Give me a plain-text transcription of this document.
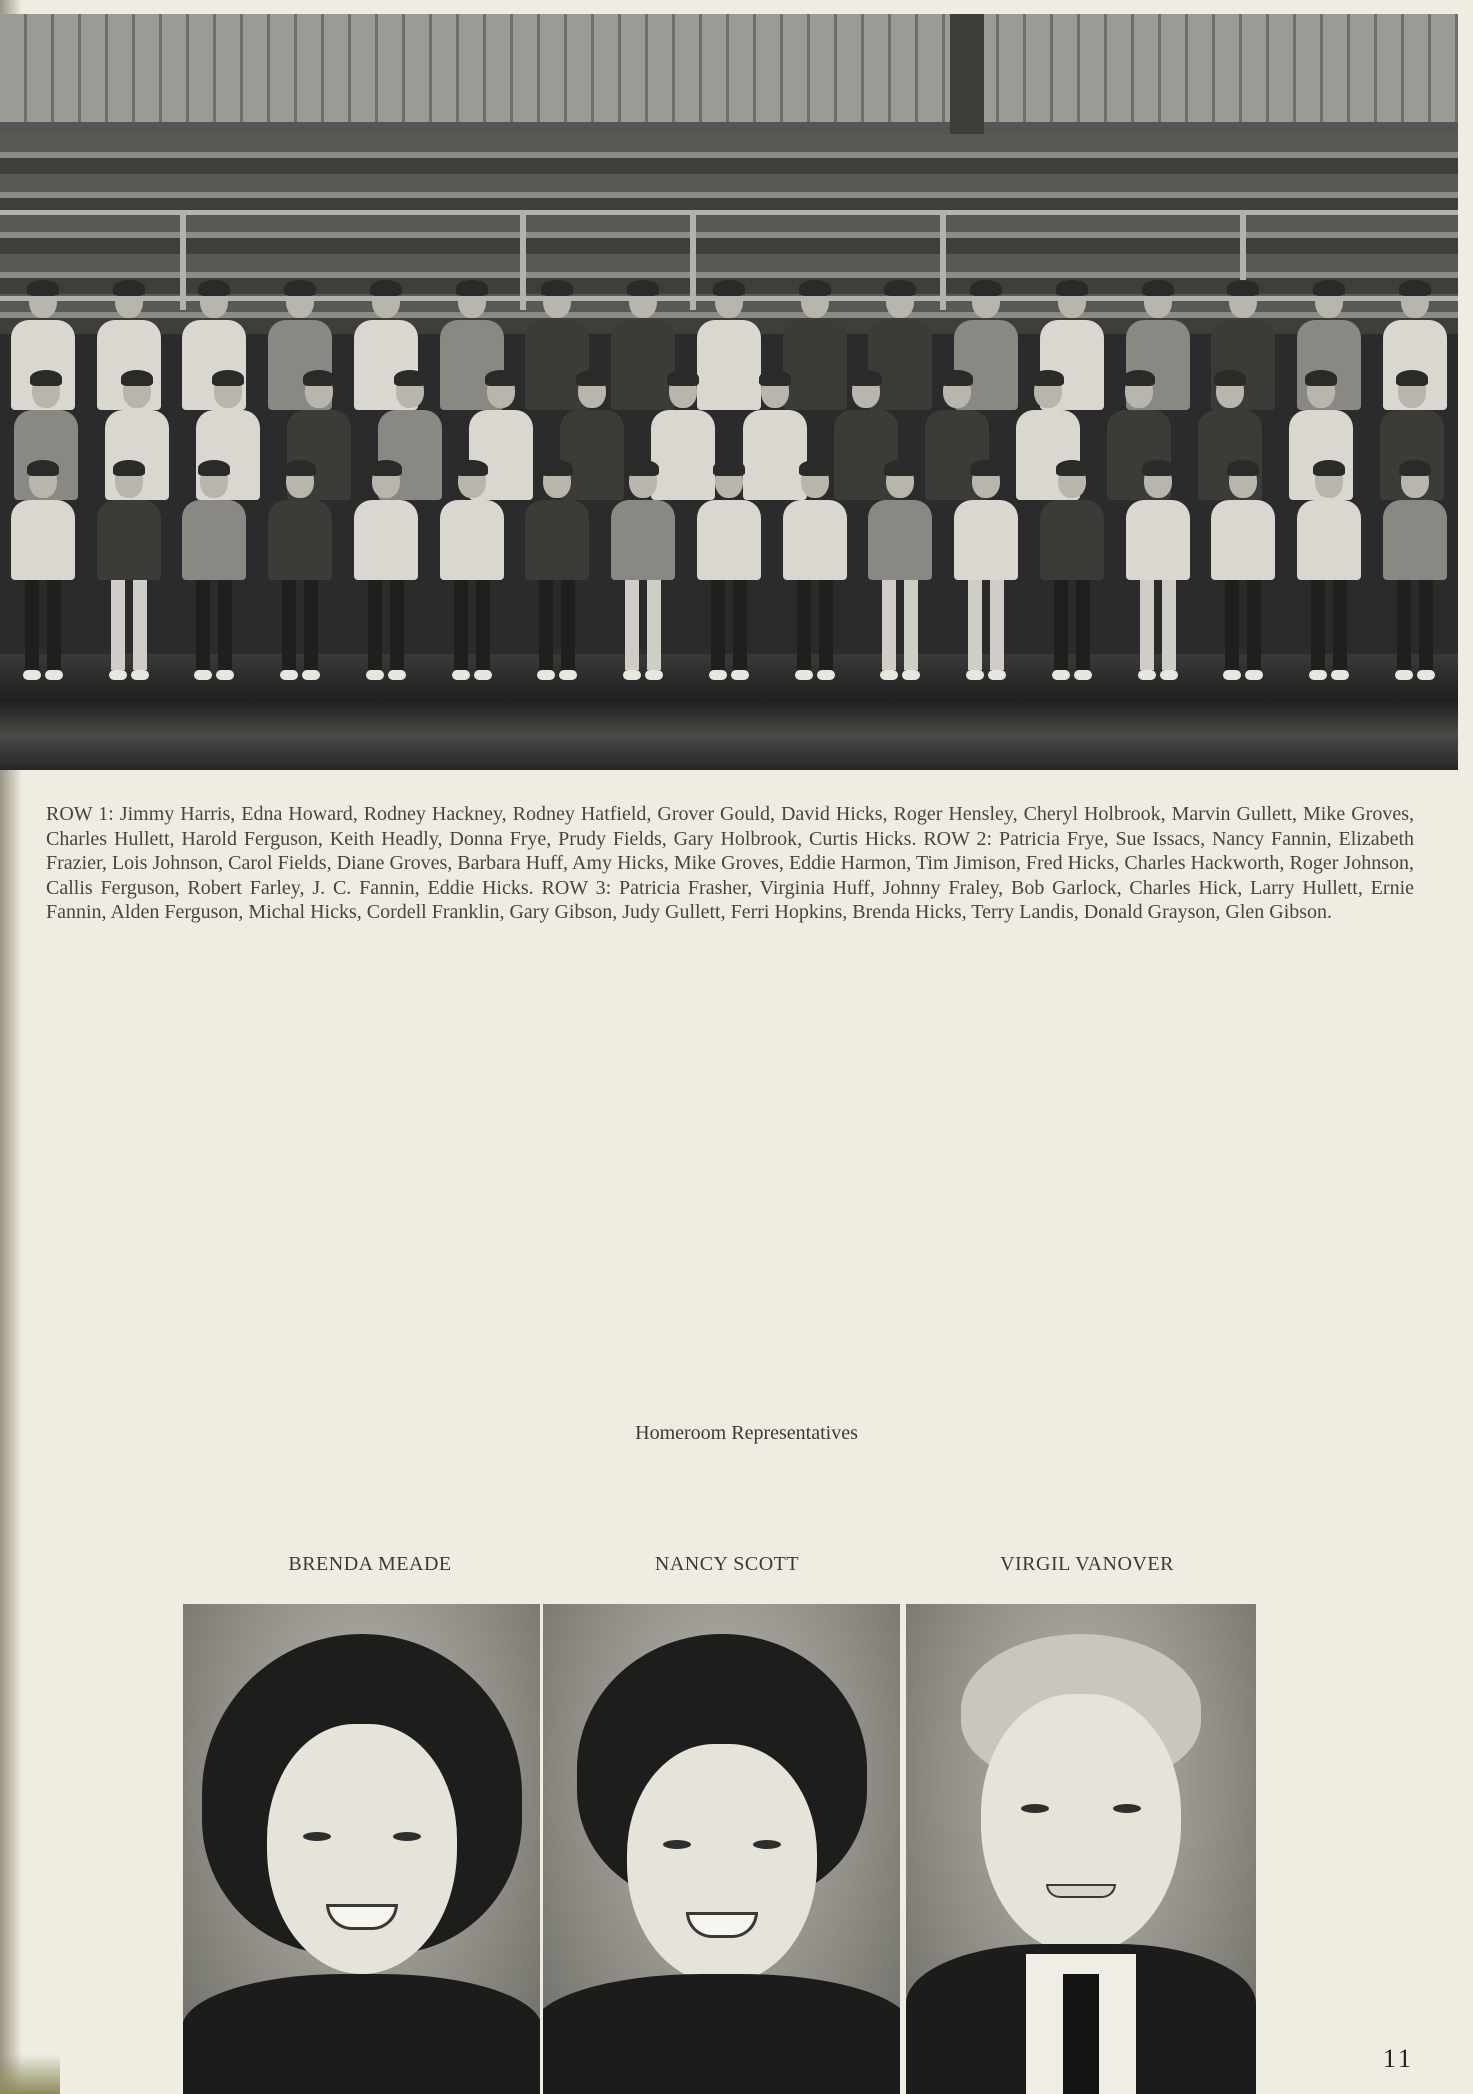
ROW 1: Jimmy Harris, Edna Howard, Rodney Hackney, Rodney Hatfield, Grover Gould, David Hicks, Roger Hensley, Cheryl Holbrook, Marvin Gullett, Mike Groves, Charles Hullett, Harold Ferguson, Keith Headly, Donna Frye, Prudy Fields, Gary Holbrook, Curtis Hicks. ROW 2: Patricia Frye, Sue Issacs, Nancy Fannin, Elizabeth Frazier, Lois Johnson, Carol Fields, Diane Groves, Barbara Huff, Amy Hicks, Mike Groves, Eddie Harmon, Tim Jimison, Fred Hicks, Charles Hackworth, Roger Johnson, Callis Ferguson, Robert Farley, J. C. Fannin, Eddie Hicks. ROW 3: Patricia Frasher, Virginia Huff, Johnny Fraley, Bob Garlock, Charles Hick, Larry Hullett, Ernie Fannin, Alden Ferguson, Michal Hicks, Cordell Franklin, Gary Gibson, Judy Gullett, Ferri Hopkins, Brenda Hicks, Terry Landis, Donald Grayson, Glen Gibson.

Homeroom Representatives

BRENDA MEADE	NANCY SCOTT	VIRGIL VANOVER

11
